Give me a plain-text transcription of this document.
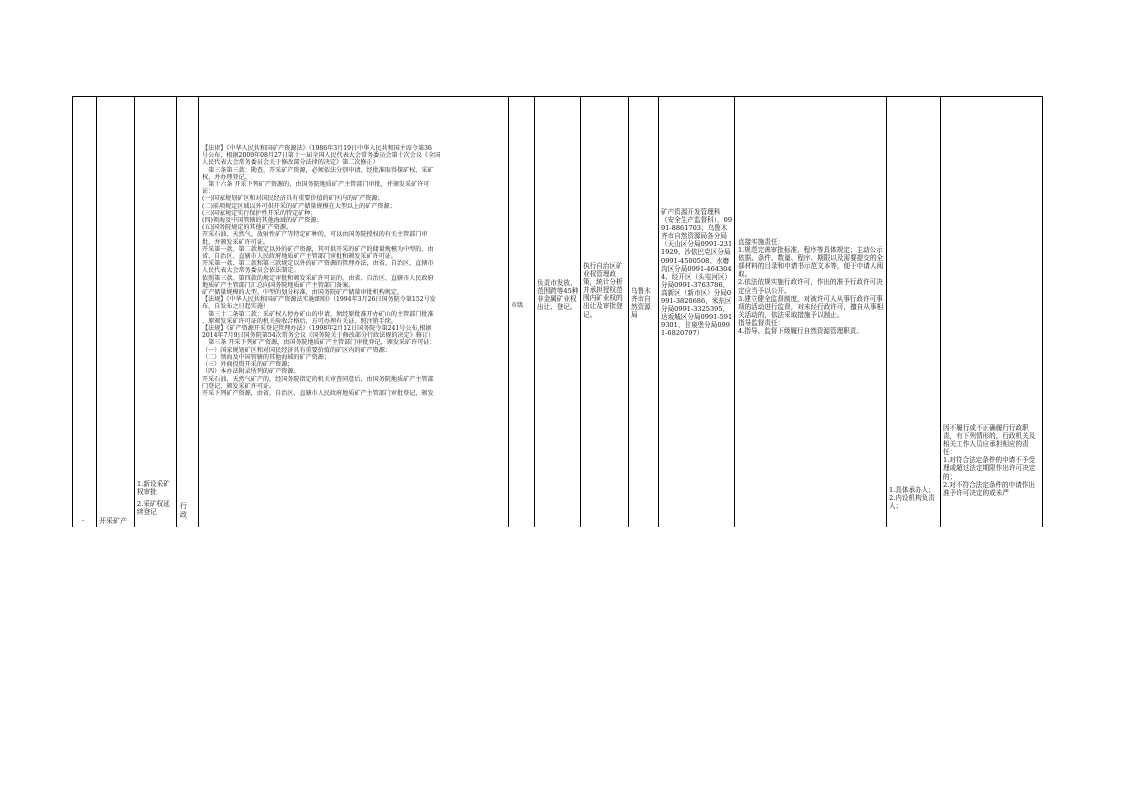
- 开采矿产
1.新设采矿权审批
2.采矿权延续登记
行政
【法律】《中华人民共和国矿产资源法》（1986年3月19日中华人民共和国主席令第36
号公布，根据2009年08月27日第十一届全国人民代表大会常务委员会第十次会议《全国
人民代表大会常务委员会关于修改部分法律的决定》第二次修正）
　第三条第三款：勘查、开采矿产资源，必须依法分别申请、经批准取得探矿权、采矿
权，并办理登记。
　第十六条 开采下列矿产资源的，由国务院地质矿产主管部门审批，并颁发采矿许可
证：
(一)国家规划矿区和对国民经济具有重要价值的矿区内的矿产资源；
(二)前项规定区域以外可供开采的矿产储量规模在大型以上的矿产资源；
(三)国家规定实行保护性开采的特定矿种；
(四)领海及中国管辖的其他海域的矿产资源；
(五)国务院规定的其他矿产资源。
开采石油、天然气、放射性矿产等特定矿种的，可以由国务院授权的有关主管部门审
批，并颁发采矿许可证。
开采第一款、第二款规定以外的矿产资源，其可供开采的矿产的储量规模为中型的，由
省、自治区、直辖市人民政府地质矿产主管部门审批和颁发采矿许可证。
开采第一款、第二款和第三款规定以外的矿产资源的管理办法，由省、自治区、直辖市
人民代表大会常务委员会依法制定。
依照第三款、第四款的规定审批和颁发采矿许可证的，由省、自治区、直辖市人民政府
地质矿产主管部门汇总向国务院地质矿产主管部门备案。
矿产储量规模的大型、中型的划分标准，由国务院矿产储量审批机构规定。
【法规】《中华人民共和国矿产资源法实施细则》（1994年3月26日国务院令第152号发
布，自发布之日起实施）
　第三十二条第二款：采矿权人停办矿山的申请，须经原批准开办矿山的主管部门批准
、原颁发采矿许可证的机关验收合格后，方可办理有关证、照注销手续。
【法规】《矿产资源开采登记管理办法》（1998年2月12日国务院令第241号公布,根据
2014年7月9日国务院第54次常务会议《国务院关于修改部分行政法规的决定》修订）
　第三条 开采下列矿产资源，由国务院地质矿产主管部门审批登记，颁发采矿许可证：
（一）国家规划矿区和对国民经济具有重要价值的矿区内的矿产资源；
（二）领海及中国管辖的其他海域的矿产资源；
（三）外商投资开采的矿产资源；
（四）本办法附录所列的矿产资源。
开采石油、天然气矿产的，经国务院指定的机关审查同意后，由国务院地质矿产主管部
门登记，颁发采矿许可证。
开采下列矿产资源，由省、自治区、直辖市人民政府地质矿产主管部门审批登记，颁发
市级
负责市发放、范围跨等45种非金属矿业权出让、登记。
执行自治区矿业权管理政策，统计分析并承担授权范围内矿业权的出让及审批登记。
乌鲁木齐市自然资源局
矿产资源开发管理科（安全生产监督科），0991-8861703；乌鲁木齐市自然资源局各分局（天山区分局0991-2311929、沙依巴克区分局0991-4500508、水磨沟区分局0991-4643044、经开区（头屯河区）分局0991-3763786、高新区（新市区）分局0991-3820686、米东区分局0991-3325395、达坂城区分局0991-5919301、甘泉堡分局0991-6820797）
直接实施责任：
1.规范完善审批标准、程序等具体规定；主动公示依据、条件、数量、程序、期限以及需要提交的全部材料的目录和申请书示范文本等，便于申请人阅取。
2.依法依规实施行政许可，作出的准予行政许可决定应当予以公开。
3.建立健全监督制度，对被许可人从事行政许可事项的活动进行监督，对未经行政许可，擅自从事相关活动的，依法采取措施予以制止。
指导监督责任：
4.指导、监督下级履行自然资源管理职责。
1.具体承办人；
2.内设机构负责人；
因不履行或不正确履行行政职责，有下列情形的，行政机关及相关工作人员应承担相应的责任：
1.对符合法定条件的申请不予受理或超过法定期限作出许可决定的；
2.对不符合法定条件的申请作出准予许可决定的或未严
